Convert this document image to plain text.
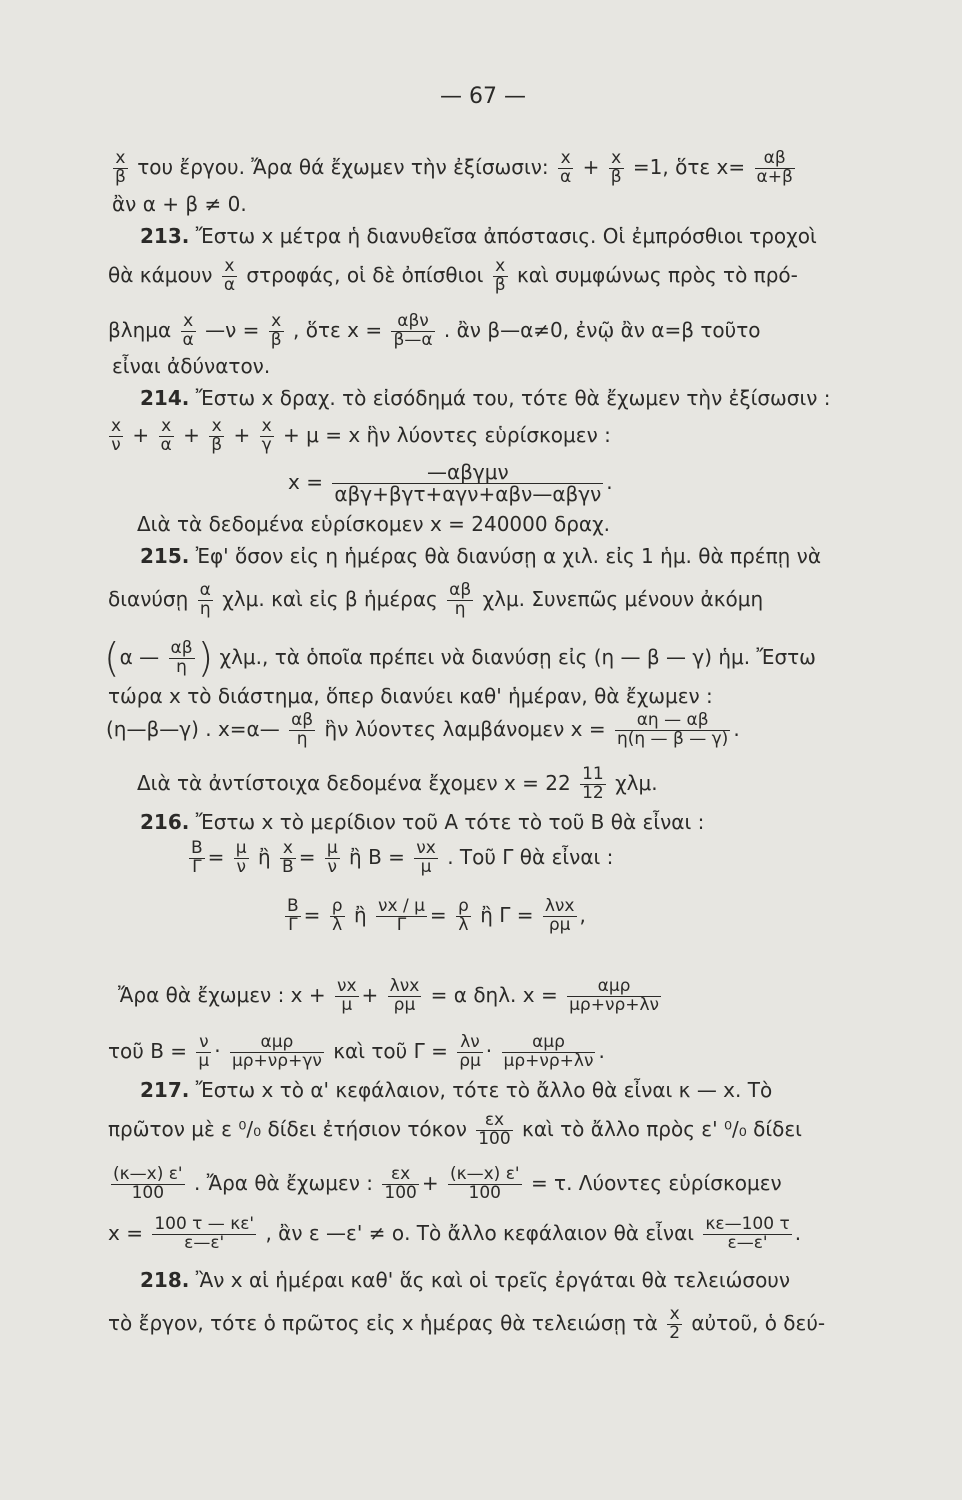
— 67 —
$\frac{x}{\beta}$ του ἔργου. Ἄρα θά ἔχωμεν τὴν ἐξίσωσιν: $\frac{x}{\alpha} + \frac{x}{\beta} =1$, ὅτε $x= \frac{\alpha\beta}{\alpha+\beta}$
ἂν α + β ≠ 0.
213. Ἔστω x μέτρα ἡ διανυθεῖσα ἀπόστασις. Οἱ ἐμπρόσθιοι τροχοὶ
θὰ κάμουν $\frac{x}{\alpha} \sigma\tau\rho o\varphi ά\varsigma$, οἱ δὲ ὀπίσθιοι $\frac{x}{\beta}$ καὶ συμφώνως πρὸς τὸ πρό-
βλημα $\frac{x}{\alpha}$ —ν = $\frac{x}{\beta}$ , ὅτε x = αβν
β—α . ἂν β—α≠0, ἐνῷ ἂν α=β τοῦτο
εἶναι ἀδύνατον.
214. Ἔστω x δραχ. τὸ εἰσόδημά του, τότε θὰ ἔχωμεν τὴν ἐξίσωσιν :
$\frac{x}{\nu} + \frac{x}{\alpha} + \frac{x}{\beta} + \frac{x}{\gamma} + \mu = x$ ἣν λύοντες εὑρίσκομεν :
x =	—αβγμν
αβγ+βγτ+αγν+αβν—αβγν .
Διὰ τὰ δεδομένα εὑρίσκομεν x = 240000 δραχ.
215. Ἐφ' ὅσον εἰς η ἡμέρας θὰ διανύσῃ α χιλ. εἰς 1 ἡμ. θὰ πρέπῃ νὰ
διανύσῃ $\frac{\alpha}{\eta} \chi\lambda\mu$. καὶ εἰς β ἡμέρας $\frac{\alpha\beta}{\eta} \chi\lambda\mu$. Συνεπῶς μένουν ἀκόμη
(α — $\frac{\alpha\beta}{\eta}$ ) χλμ., τὰ ὁποῖα πρέπει νὰ διανύσῃ εἰς (η — β — γ) ἡμ. Ἔστω
τώρα x τὸ διάστημα, ὅπερ διανύει καθ' ἡμέραν, θὰ ἔχωμεν :
(η—β—γ) . x=α— $\frac{\alpha\beta}{\eta}$ ἣν λύοντες λαμβάνομεν $x = \frac{\alpha\eta — \alpha\beta}{\eta(\eta — \beta — \gamma)}$ .
Διὰ τὰ ἀντίστοιχα δεδομένα ἔχομεν $x = 22 \frac{11}{12} \chi\lambda\mu$.
216. Ἔστω x τὸ μερίδιον τοῦ Α τότε τὸ τοῦ Β θὰ εἶναι :
$\frac{B}{\Gamma} = \frac{\mu}{\nu}$ ἢ $\frac{x}{B} = \frac{\mu}{\nu}$ ἢ $B = \frac{\nu x}{\mu}$ . Τοῦ Γ θὰ εἶναι :
$\frac{B}{\Gamma} = \frac{\rho}{\lambda}$ ἢ $\frac{\nu x / \mu}{\Gamma} = \frac{\rho}{\lambda}$ ἢ Γ = λνx
ρμ ,
Ἄρα θὰ ἔχωμεν : $x + \frac{\nu x}{\mu} + \lambda\nu x$
ρμ = α δηλ. x =	αμρ
μρ+νρ+λν
τοῦ $B = \frac{\nu}{\mu}$ ·	αμρ
μρ+νρ+γν καὶ τοῦ $\Gamma = \frac{\lambda\nu}{\rho\mu}$ ·	αμρ
μρ+νρ+λν .
217. Ἔστω x τὸ α' κεφάλαιον, τότε τὸ ἄλλο θὰ εἶναι κ — x. Τὸ
πρῶτον μὲ ε ⁰/₀ δίδει ἐτήσιον τόκον $\frac{\varepsilon x}{100}$ καὶ τὸ ἄλλο πρὸς ε' ⁰/₀ δίδει
$\frac{(\kappa—x) \varepsilon'}{100}$ . Ἄρα θὰ ἔχωμεν : $\frac{\varepsilon x}{100} + \frac{(\kappa—x) \varepsilon'}{100} = \tau$. Λύοντες εὑρίσκομεν
$x = \frac{100 \tau — \kappa\varepsilon'}{\varepsilon—\varepsilon'}$ , ἂν ε —ε' ≠ ο. Τὸ ἄλλο κεφάλαιον θὰ εἶναι $\frac{\kappa\varepsilon—100 \tau}{\varepsilon—\varepsilon'}$ .
218. Ἂν x αἱ ἡμέραι καθ' ἅς καὶ οἱ τρεῖς ἐργάται θὰ τελειώσουν
τὸ ἔργον, τότε ὁ πρῶτος εἰς x ἡμέρας θὰ τελειώσῃ τὰ $\frac{x}{2}$ αὐτοῦ, ὁ δεύ-
